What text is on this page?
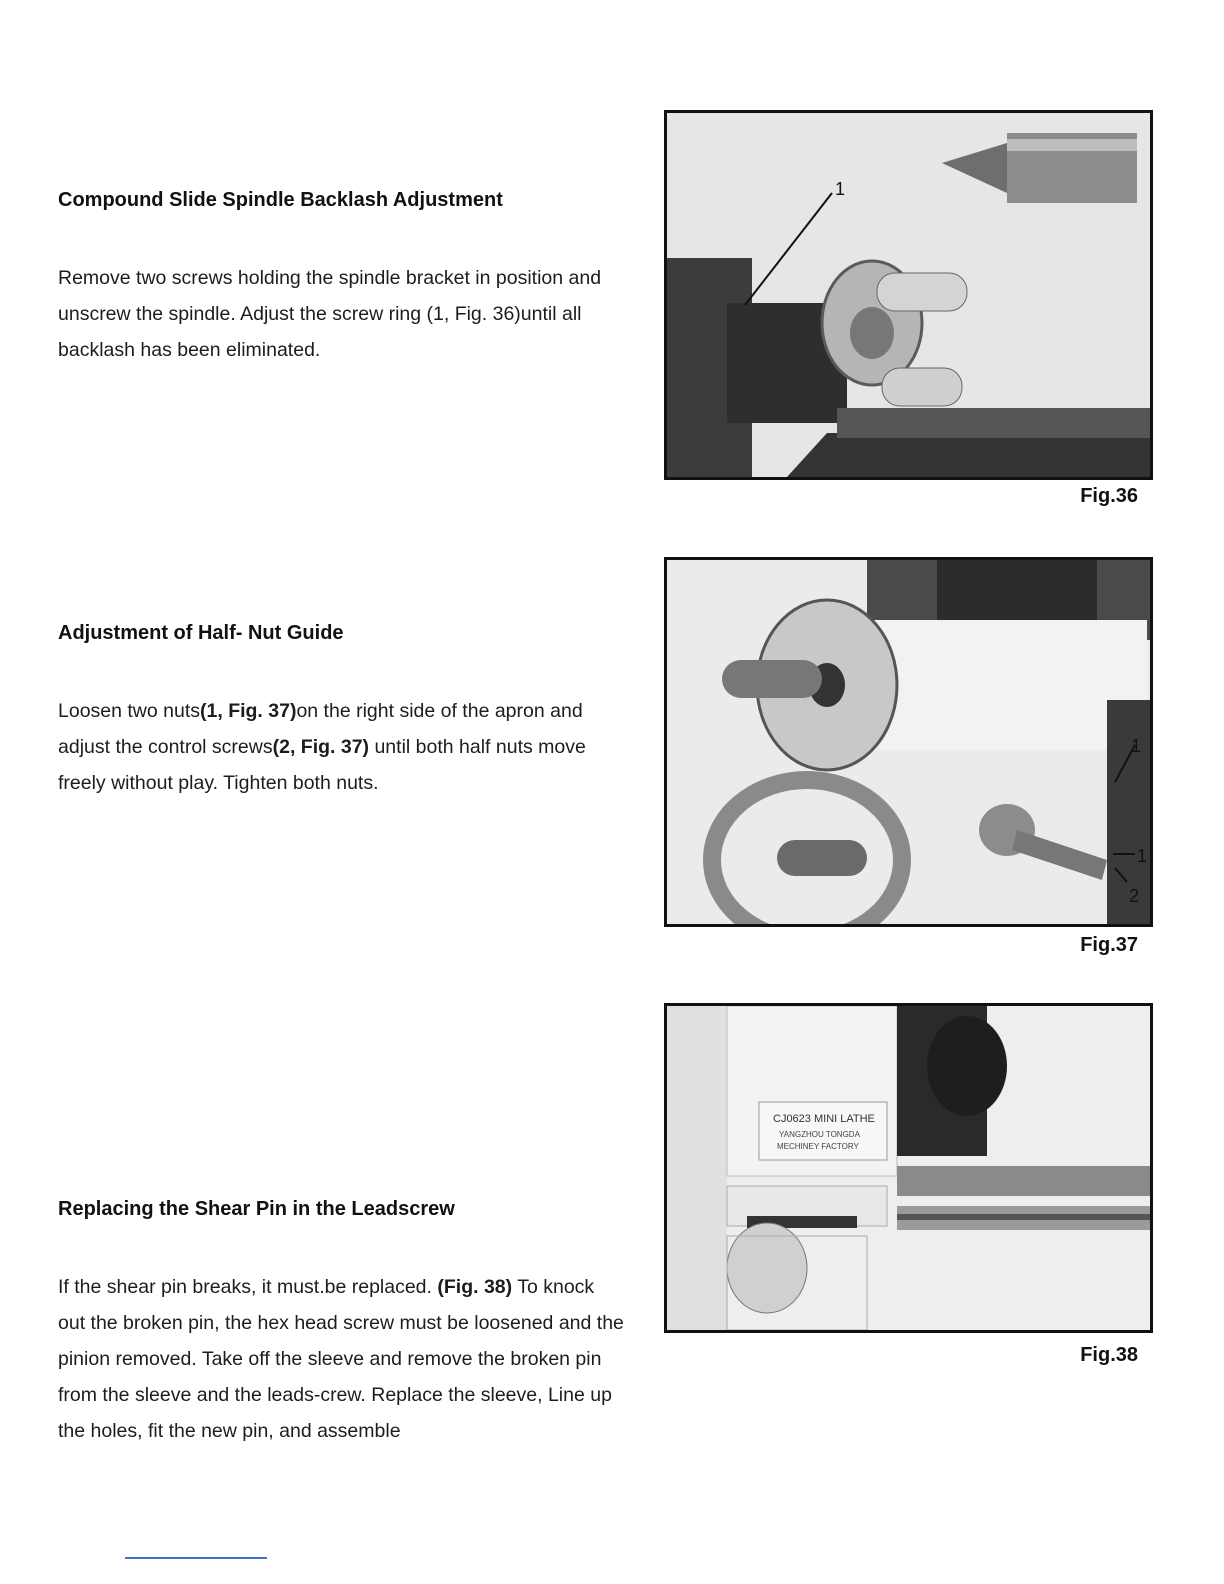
Compound Slide Spindle Backlash Adjustment

Remove two screws holding the spindle bracket in position and unscrew the spindle. Adjust the screw ring (1, Fig. 36)until all backlash has been eliminated.

1
Fig.36
Adjustment of Half- Nut Guide

Loosen two nuts(1, Fig. 37)on the right side of the apron and adjust the control screws(2, Fig. 37) until both half nuts move freely without play. Tighten both nuts.

1
1
2
Fig.37
Replacing the Shear Pin in the Leadscrew

If the shear pin breaks, it must.be replaced. (Fig. 38) To knock out the broken pin, the hex head screw must be loosened and the pinion removed. Take off the sleeve and remove the broken pin from the sleeve and the leads-crew. Replace the sleeve, Line up the holes, fit the new pin, and assemble

CJ0623 MINI LATHE
YANGZHOU TONGDA
MECHINEY FACTORY
Fig.38
